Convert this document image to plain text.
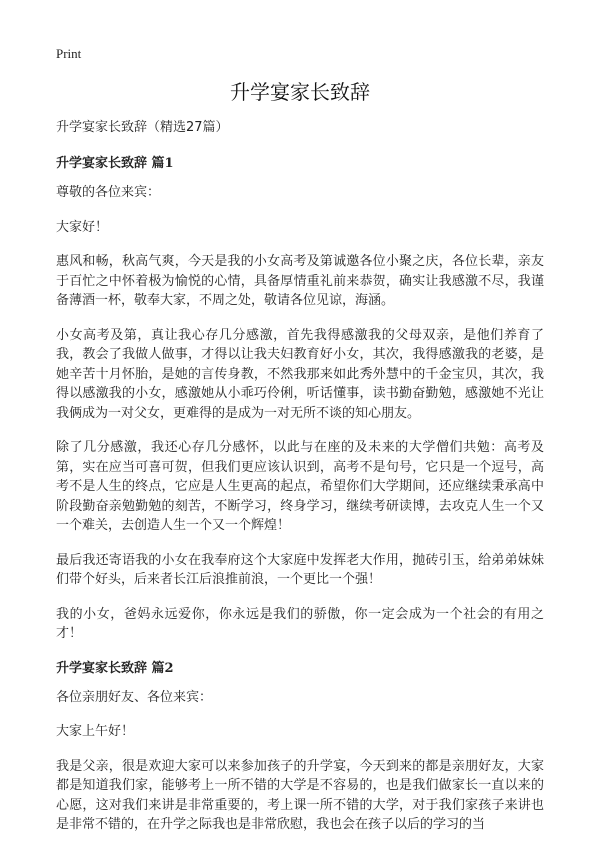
Print
升学宴家长致辞

升学宴家长致辞（精选27篇）

升学宴家长致辞 篇1

尊敬的各位来宾：

大家好！

惠风和畅，秋高气爽，今天是我的小女高考及第诚邀各位小聚之庆，各位长辈，亲友于百忙之中怀着极为愉悦的心情，具备厚情重礼前来恭贺，确实让我感激不尽，我谨备薄酒一杯，敬奉大家，不周之处，敬请各位见谅，海涵。

小女高考及第，真让我心存几分感激，首先我得感激我的父母双亲，是他们养育了我，教会了我做人做事，才得以让我夫妇教育好小女，其次，我得感激我的老婆，是她辛苦十月怀胎，是她的言传身教，不然我那来如此秀外慧中的千金宝贝，其次，我得以感激我的小女，感激她从小乖巧伶俐，听话懂事，读书勤奋勤勉，感激她不光让我俩成为一对父女，更难得的是成为一对无所不谈的知心朋友。

除了几分感激，我还心存几分感怀，以此与在座的及未来的大学僧们共勉：高考及第，实在应当可喜可贺，但我们更应该认识到，高考不是句号，它只是一个逗号，高考不是人生的终点，它应是人生更高的起点，希望你们大学期间，还应继续秉承高中阶段勤奋亲勉勤勉的刻苦，不断学习，终身学习，继续考研读博，去攻克人生一个又一个难关，去创造人生一个又一个辉煌！

最后我还寄语我的小女在我奉府这个大家庭中发挥老大作用，抛砖引玉，给弟弟妹妹们带个好头，后来者长江后浪推前浪，一个更比一个强！

我的小女，爸妈永远爱你，你永远是我们的骄傲，你一定会成为一个社会的有用之才！

升学宴家长致辞 篇2

各位亲朋好友、各位来宾：

大家上午好！

我是父亲，很是欢迎大家可以来参加孩子的升学宴，今天到来的都是亲朋好友，大家都是知道我们家，能够考上一所不错的大学是不容易的，也是我们做家长一直以来的心愿，这对我们来讲是非常重要的，考上课一所不错的大学，对于我们家孩子来讲也是非常不错的，在升学之际我也是非常欣慰，我也会在孩子以后的学习的当
